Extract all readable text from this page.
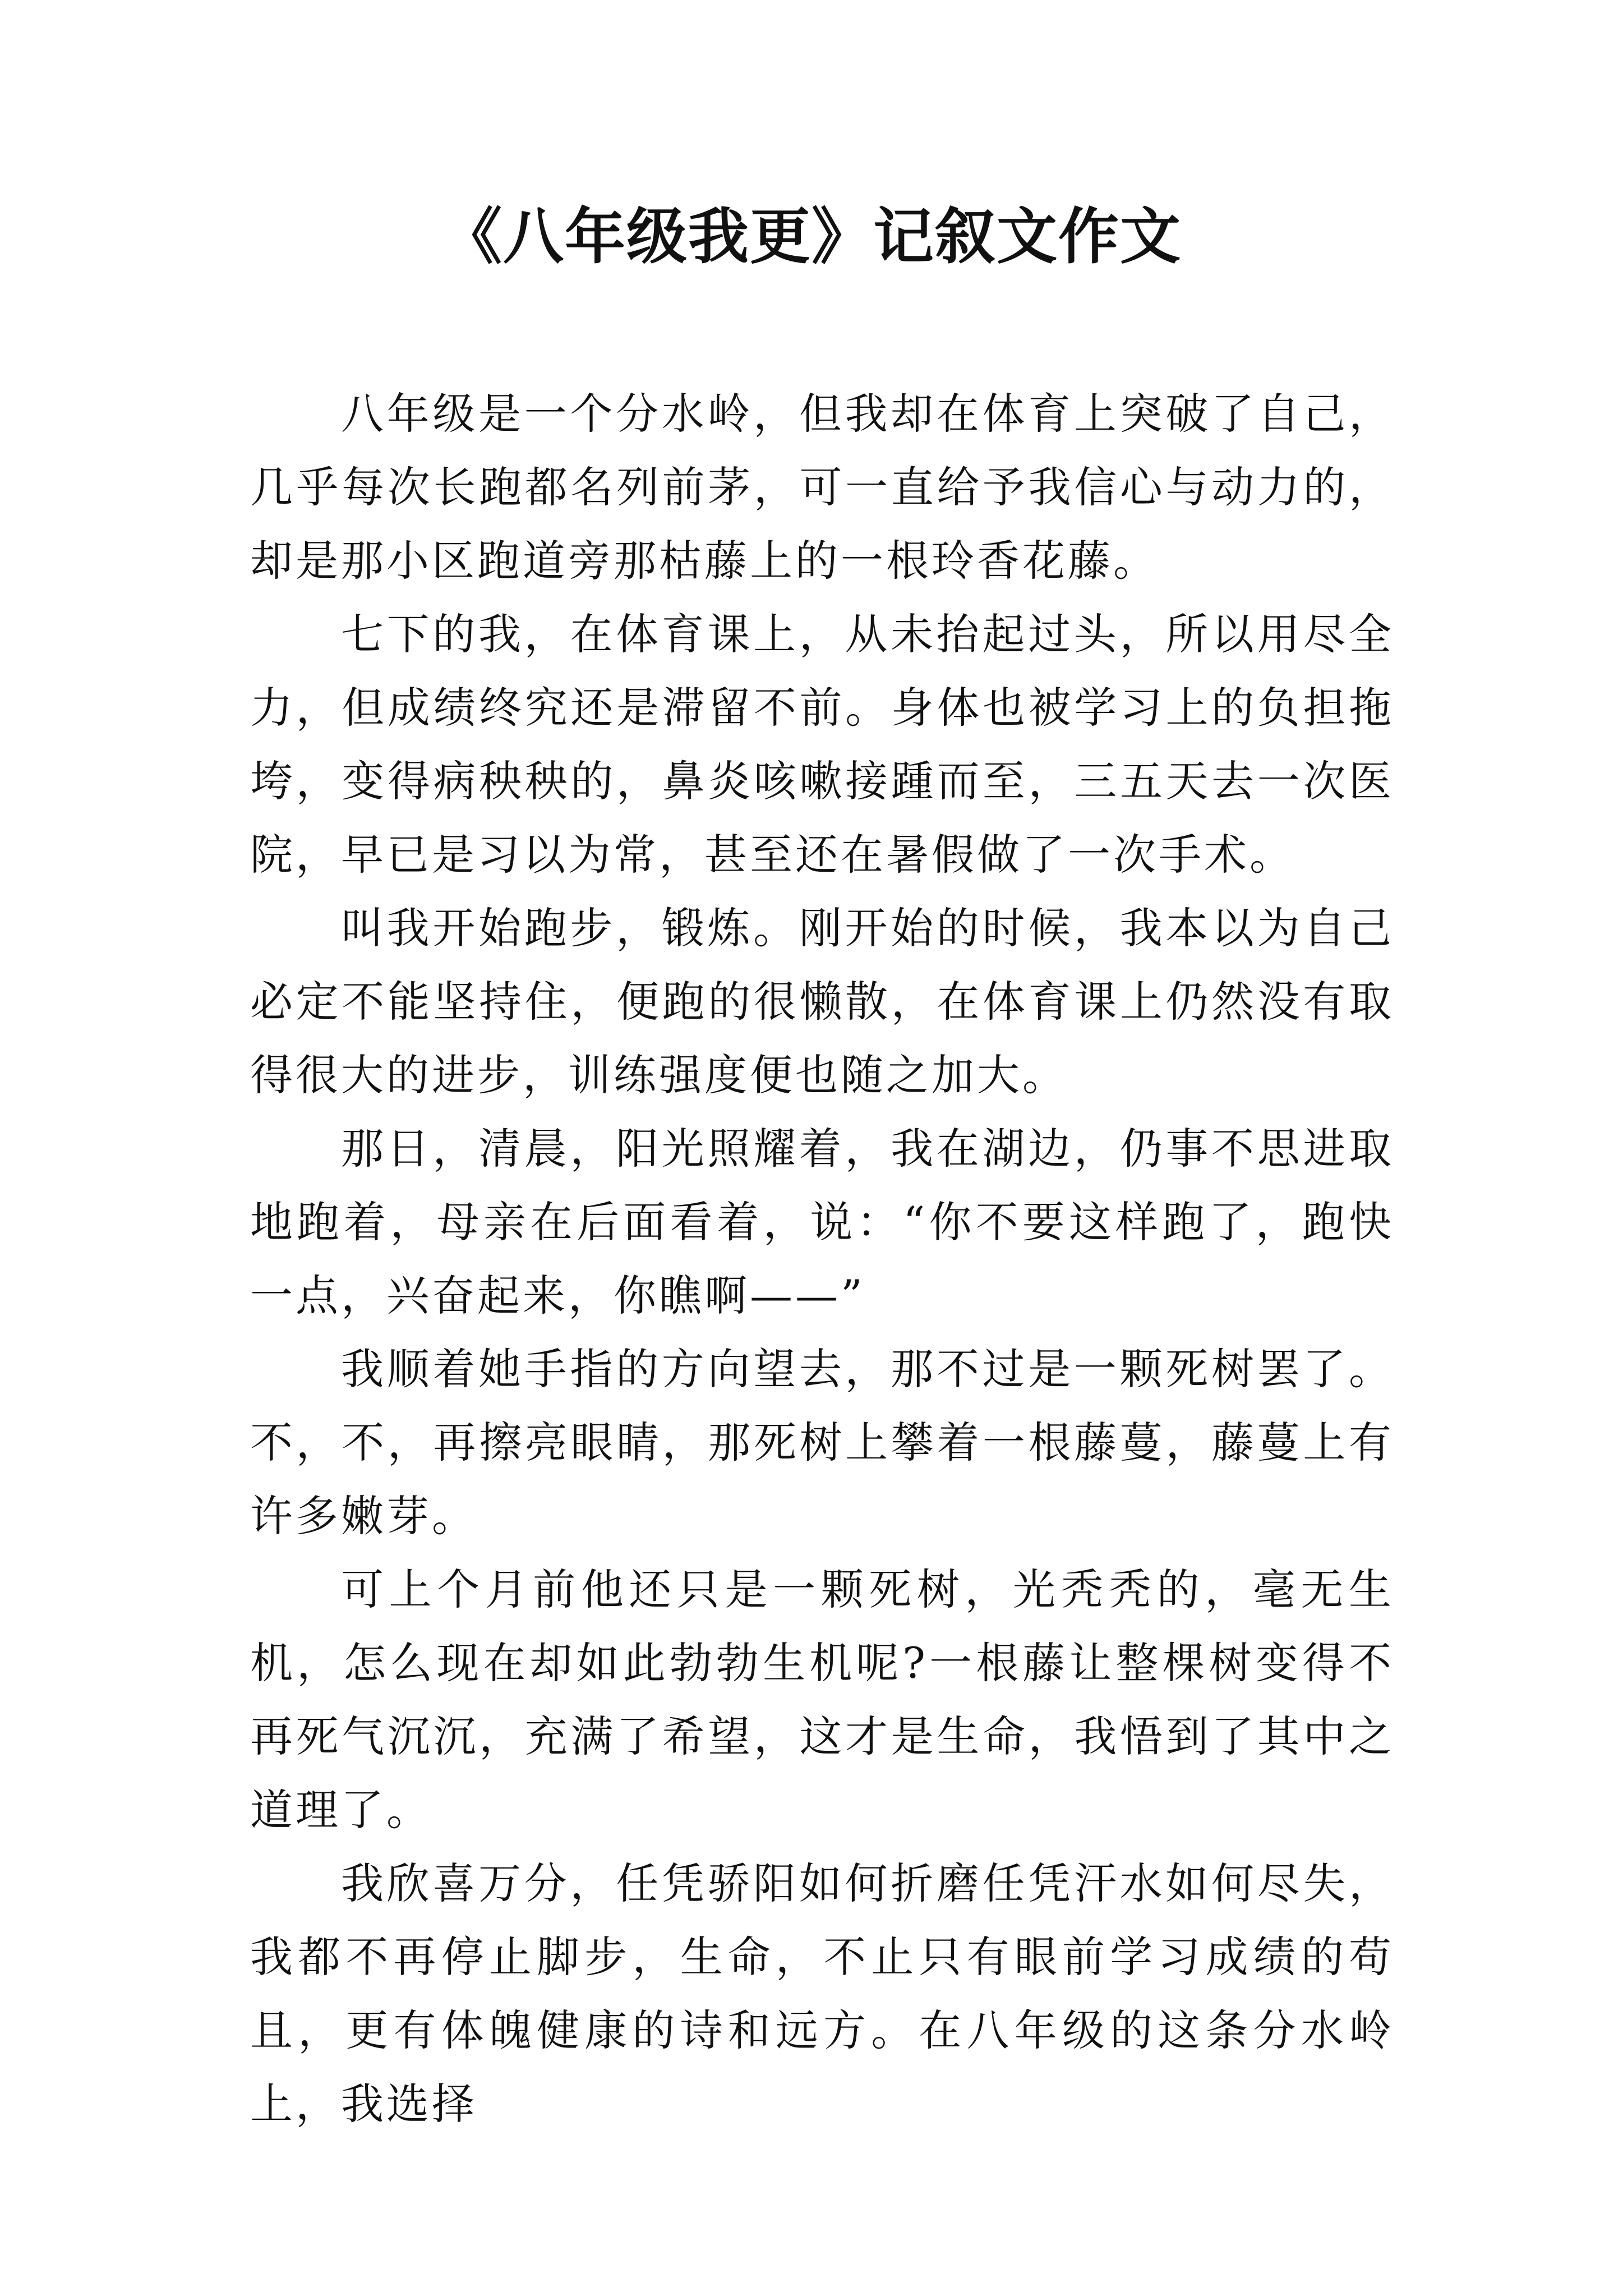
《八年级我更》记叙文作文

八年级是一个分水岭，但我却在体育上突破了自己，几乎每次长跑都名列前茅，可一直给予我信心与动力的，却是那小区跑道旁那枯藤上的一根玲香花藤。

七下的我，在体育课上，从未抬起过头，所以用尽全力，但成绩终究还是滞留不前。身体也被学习上的负担拖垮，变得病秧秧的，鼻炎咳嗽接踵而至，三五天去一次医院，早已是习以为常，甚至还在暑假做了一次手术。

叫我开始跑步，锻炼。刚开始的时候，我本以为自己必定不能坚持住，便跑的很懒散，在体育课上仍然没有取得很大的进步，训练强度便也随之加大。

那日，清晨，阳光照耀着，我在湖边，仍事不思进取地跑着，母亲在后面看着，说：“你不要这样跑了，跑快一点，兴奋起来，你瞧啊——”

我顺着她手指的方向望去，那不过是一颗死树罢了。不，不，再擦亮眼睛，那死树上攀着一根藤蔓，藤蔓上有许多嫩芽。

可上个月前他还只是一颗死树，光秃秃的，毫无生机，怎么现在却如此勃勃生机呢?一根藤让整棵树变得不再死气沉沉，充满了希望，这才是生命，我悟到了其中之道理了。

我欣喜万分，任凭骄阳如何折磨任凭汗水如何尽失，我都不再停止脚步，生命，不止只有眼前学习成绩的苟且，更有体魄健康的诗和远方。在八年级的这条分水岭上，我选择
